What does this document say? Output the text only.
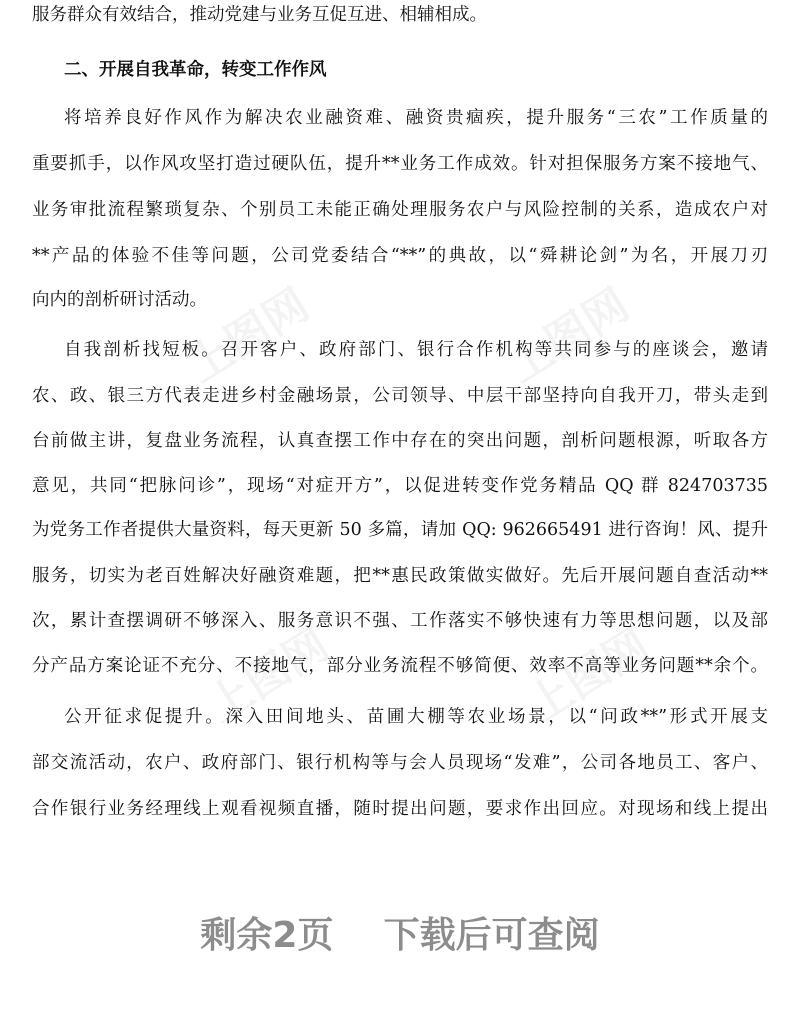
上图网	上图网
上图网	上图网
服务群众有效结合，推动党建与业务互促互进、相辅相成。
二、开展自我革命，转变工作作风
将培养良好作风作为解决农业融资难、融资贵痼疾，提升服务“三农”工作质量的
重要抓手，以作风攻坚打造过硬队伍，提升**业务工作成效。针对担保服务方案不接地气、
业务审批流程繁琐复杂、个别员工未能正确处理服务农户与风险控制的关系，造成农户对
**产品的体验不佳等问题，公司党委结合“**”的典故，以“舜耕论剑”为名，开展刀刃
向内的剖析研讨活动。
自我剖析找短板。召开客户、政府部门、银行合作机构等共同参与的座谈会，邀请
农、政、银三方代表走进乡村金融场景，公司领导、中层干部坚持向自我开刀，带头走到
台前做主讲，复盘业务流程，认真查摆工作中存在的突出问题，剖析问题根源，听取各方
意见，共同“把脉问诊”，现场“对症开方”，以促进转变作党务精品 QQ 群 824703735
为党务工作者提供大量资料，每天更新 50 多篇，请加 QQ: 962665491 进行咨询！风、提升
服务，切实为老百姓解决好融资难题，把**惠民政策做实做好。先后开展问题自查活动**
次，累计查摆调研不够深入、服务意识不强、工作落实不够快速有力等思想问题，以及部
分产品方案论证不充分、不接地气，部分业务流程不够简便、效率不高等业务问题**余个。
公开征求促提升。深入田间地头、苗圃大棚等农业场景，以“问政**”形式开展支
部交流活动，农户、政府部门、银行机构等与会人员现场“发难”，公司各地员工、客户、
合作银行业务经理线上观看视频直播，随时提出问题，要求作出回应。对现场和线上提出
剩余2页 下载后可查阅
